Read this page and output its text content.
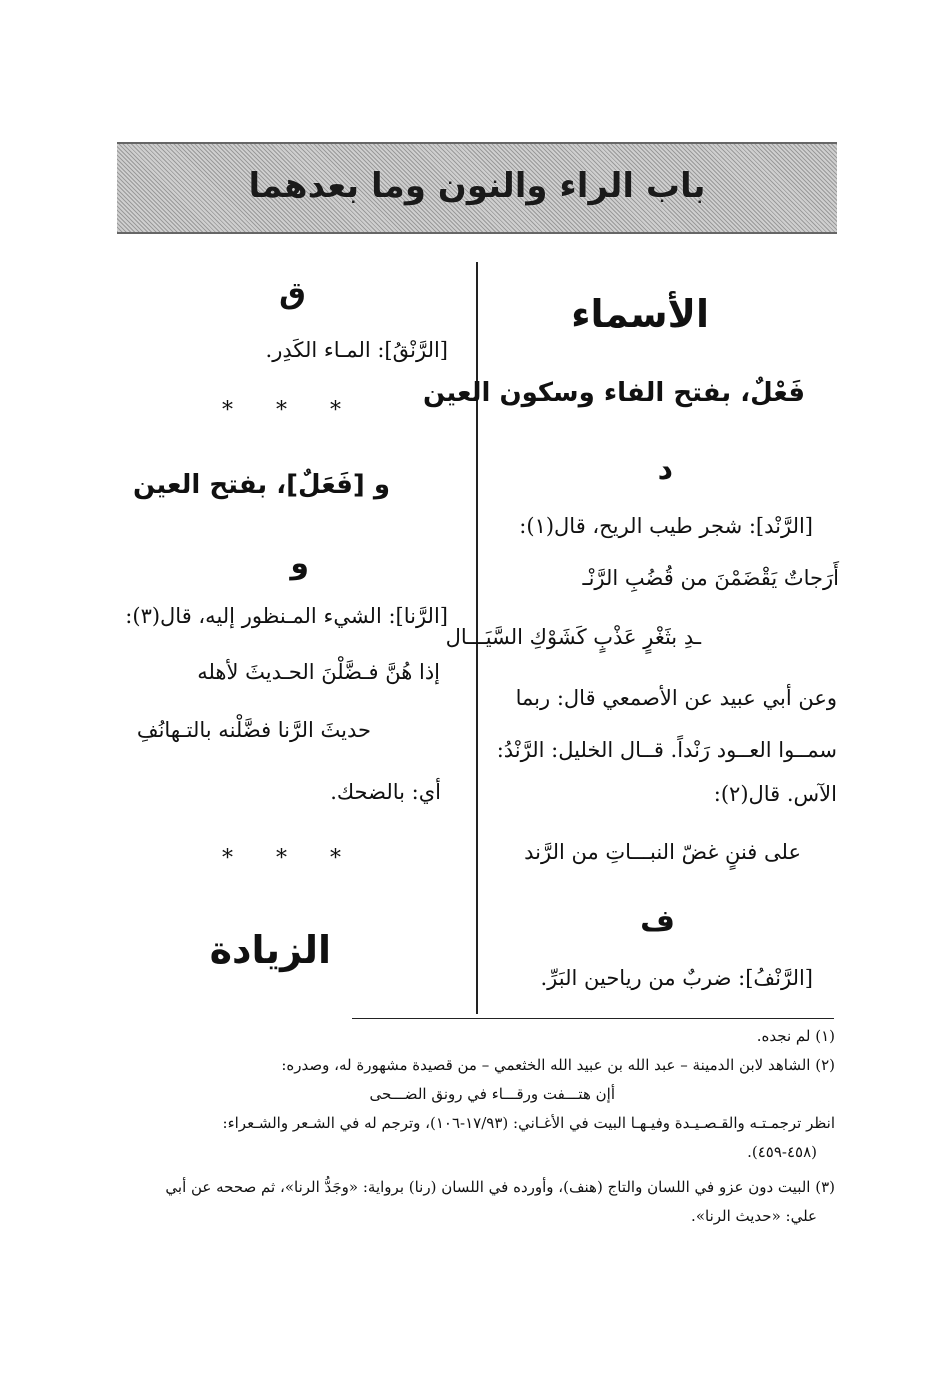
باب الراء والنون وما بعدهما
الأسماء
فَعْلٌ، بفتح الفاء وسكون العين
د
[الرَّنْد]: شجر طيب الريح، قال(١):
أَرَجاتٌ يَقْضَمْنَ من قُضُبِ الرَّنْـ
ـدِ بثَغْرٍ عَذْبٍ كَشَوْكِ السَّيَـــال
وعن أبي عبيد عن الأصمعي قال: ربما
سمــوا العــود رَنْداً. قــال الخليل: الرَّنْدُ:
الآس. قال(٢):
على فننٍ غضّ النبـــاتِ من الرَّند
ف
[الرَّنْفُ]: ضربٌ من رياحين البَرِّ.
ق
[الرَّنْقُ]: المـاء الكَدِر.
* * *
و [فَعَلٌ]، بفتح العين
و
[الرَّنا]: الشيء المـنظور إليه، قال(٣):
إذا هُنَّ فـضَّلْنَ الحـديثَ لأهله
حديثَ الرَّنا فضَّلْنه بالتـهانُفِ
أي: بالضحك.
* * *
الزيادة
(١) لم نجده.
(٢) الشاهد لابن الدمينة – عبد الله بن عبيد الله الخثعمي – من قصيدة مشهورة له، وصدره:
أإن هتـــفت ورقـــاء في رونق الضـــحى
انظر ترجمـتـه والقـصـيـدة وفيـهـا البيت في الأغـاني: (١٧/٩٣-١٠٦)، وترجم له في الشـعر والشـعراء:
(٤٥٨-٤٥٩).
(٣) البيت دون عزو في اللسان والتاج (هنف)، وأورده في اللسان (رنا) برواية: «وجَدُّ الرنا»، ثم صححه عن أبي
علي: «حديث الرنا».
